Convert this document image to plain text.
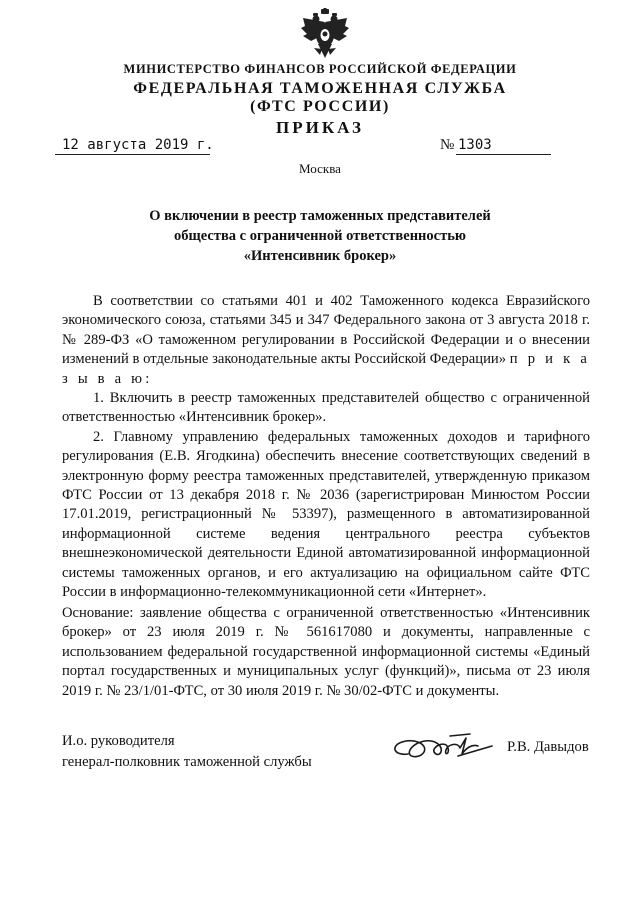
МИНИСТЕРСТВО ФИНАНСОВ РОССИЙСКОЙ ФЕДЕРАЦИИ
ФЕДЕРАЛЬНАЯ ТАМОЖЕННАЯ СЛУЖБА
(ФТС РОССИИ)
ПРИКАЗ
12 августа 2019 г.	№ 1303
Москва
О включении в реестр таможенных представителей
общества с ограниченной ответственностью
«Интенсивник брокер»

В соответствии со статьями 401 и 402 Таможенного кодекса Евразийского экономического союза, статьями 345 и 347 Федерального закона от 3 августа 2018 г. № 289-ФЗ «О таможенном регулировании в Российской Федерации и о внесении изменений в отдельные законодательные акты Российской Федерации» п р и к а з ы в а ю:

1. Включить в реестр таможенных представителей общество с ограниченной ответственностью «Интенсивник брокер».

2. Главному управлению федеральных таможенных доходов и тарифного регулирования (Е.В. Ягодкина) обеспечить внесение соответствующих сведений в электронную форму реестра таможенных представителей, утвержденную приказом ФТС России от 13 декабря 2018 г. № 2036 (зарегистрирован Минюстом России 17.01.2019, регистрационный № 53397), размещенного в автоматизированной информационной системе ведения центрального реестра субъектов внешнеэкономической деятельности Единой автоматизированной информационной системы таможенных органов, и его актуализацию на официальном сайте ФТС России в информационно-телекоммуникационной сети «Интернет».

Основание: заявление общества с ограниченной ответственностью «Интенсивник брокер» от 23 июля 2019 г. № 561617080 и документы, направленные с использованием федеральной государственной информационной системы «Единый портал государственных и муниципальных услуг (функций)», письма от 23 июля 2019 г. № 23/1/01-ФТС, от 30 июля 2019 г. № 30/02-ФТС и документы.
И.о. руководителя
генерал-полковник таможенной службы
Р.В. Давыдов
